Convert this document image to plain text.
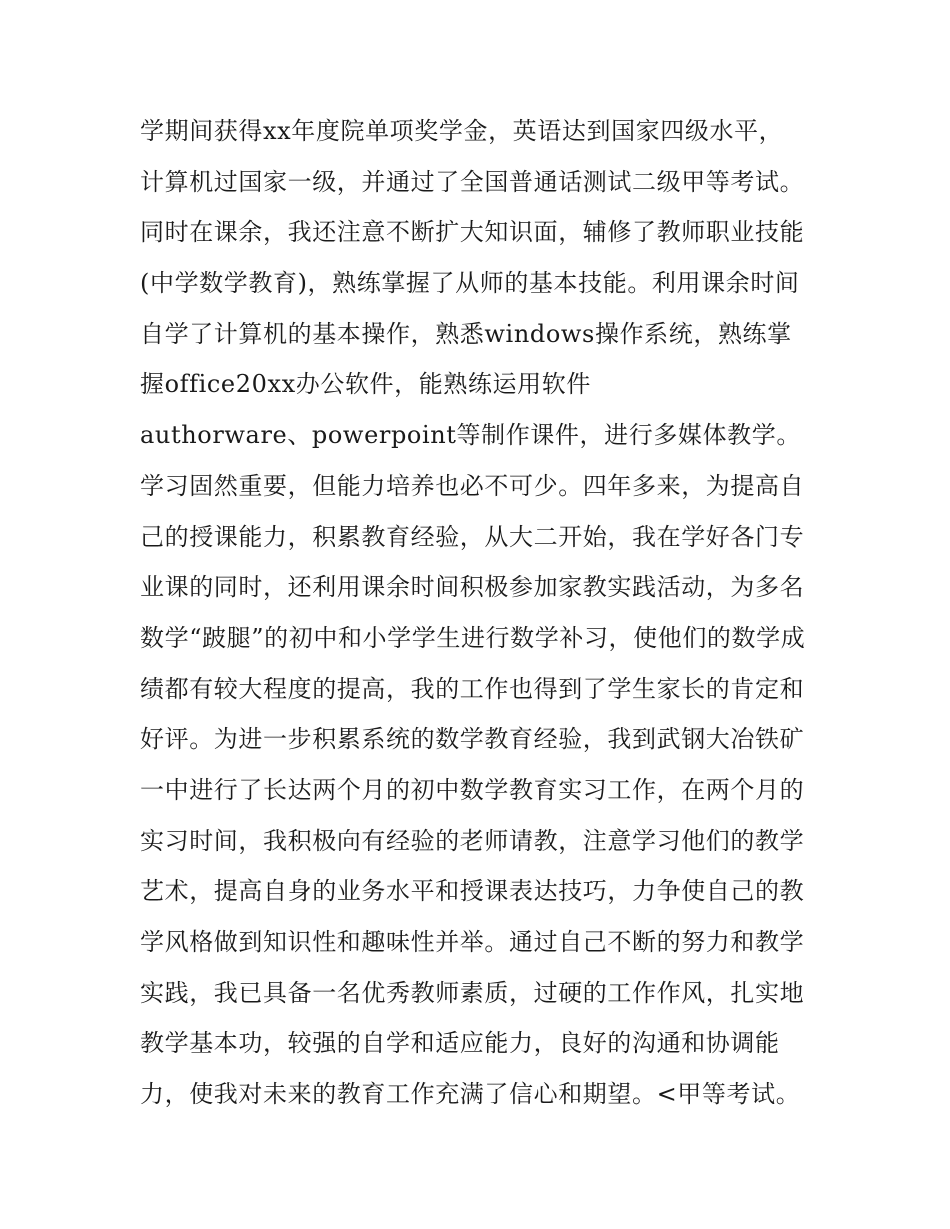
学期间获得xx年度院单项奖学金，英语达到国家四级水平，
计算机过国家一级，并通过了全国普通话测试二级甲等考试。
同时在课余，我还注意不断扩大知识面，辅修了教师职业技能
(中学数学教育)，熟练掌握了从师的基本技能。利用课余时间
自学了计算机的基本操作，熟悉windows操作系统，熟练掌
握office20xx办公软件，能熟练运用软件
authorware、powerpoint等制作课件，进行多媒体教学。
学习固然重要，但能力培养也必不可少。四年多来，为提高自
己的授课能力，积累教育经验，从大二开始，我在学好各门专
业课的同时，还利用课余时间积极参加家教实践活动，为多名
数学“跛腿”的初中和小学学生进行数学补习，使他们的数学成
绩都有较大程度的提高，我的工作也得到了学生家长的肯定和
好评。为进一步积累系统的数学教育经验，我到武钢大冶铁矿
一中进行了长达两个月的初中数学教育实习工作，在两个月的
实习时间，我积极向有经验的老师请教，注意学习他们的教学
艺术，提高自身的业务水平和授课表达技巧，力争使自己的教
学风格做到知识性和趣味性并举。通过自己不断的努力和教学
实践，我已具备一名优秀教师素质，过硬的工作作风，扎实地
教学基本功，较强的自学和适应能力，良好的沟通和协调能
力，使我对未来的教育工作充满了信心和期望。<甲等考试。
